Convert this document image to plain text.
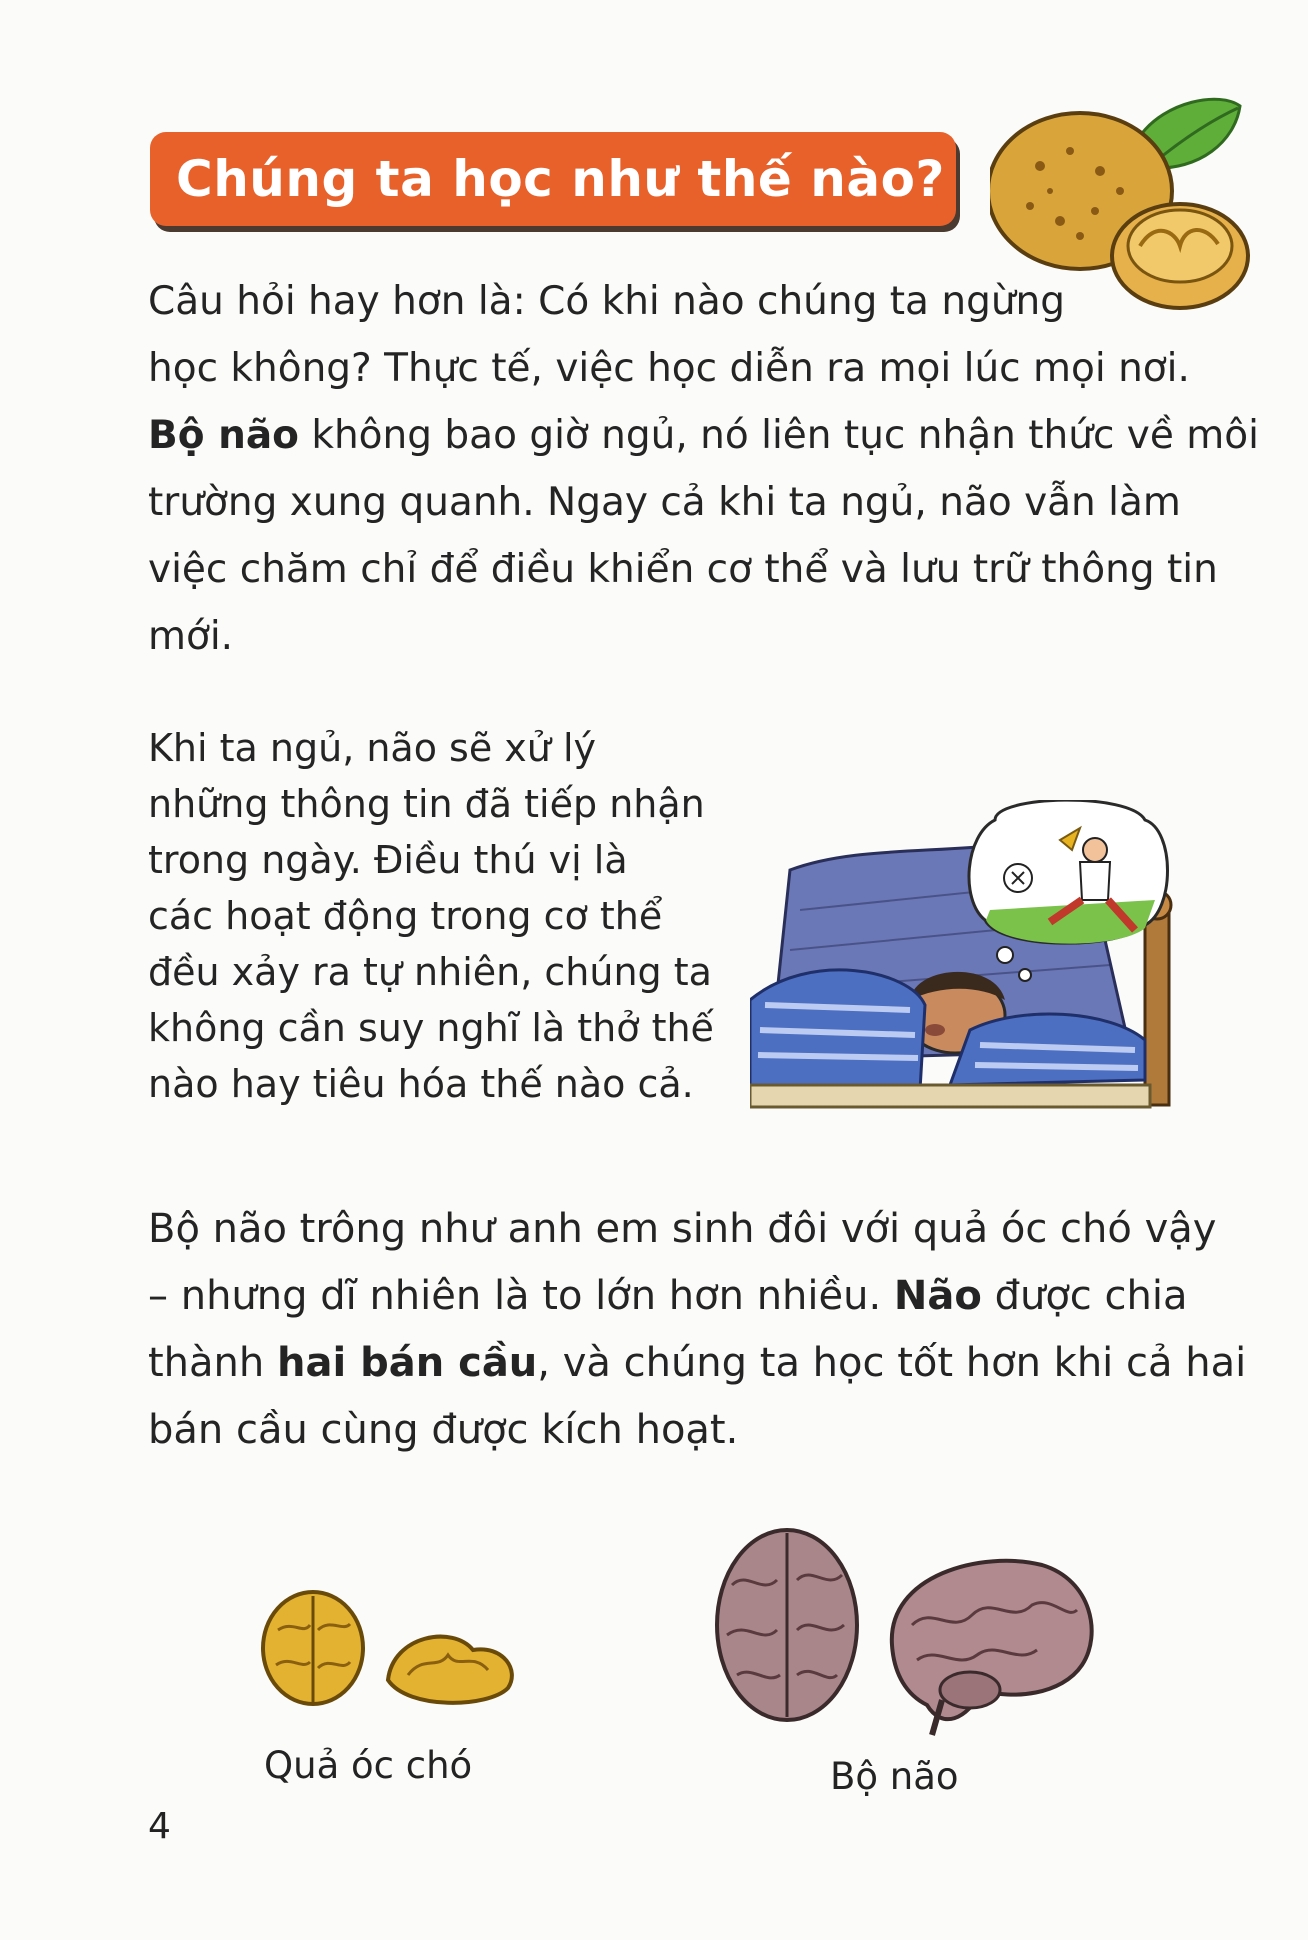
Chúng ta học như thế nào?
Câu hỏi hay hơn là: Có khi nào chúng ta ngừng
học không? Thực tế, việc học diễn ra mọi lúc mọi nơi.
Bộ não không bao giờ ngủ, nó liên tục nhận thức về môi
trường xung quanh. Ngay cả khi ta ngủ, não vẫn làm
việc chăm chỉ để điều khiển cơ thể và lưu trữ thông tin
mới.
Khi ta ngủ, não sẽ xử lý
những thông tin đã tiếp nhận
trong ngày. Điều thú vị là
các hoạt động trong cơ thể
đều xảy ra tự nhiên, chúng ta
không cần suy nghĩ là thở thế
nào hay tiêu hóa thế nào cả.
Bộ não trông như anh em sinh đôi với quả óc chó vậy
– nhưng dĩ nhiên là to lớn hơn nhiều. Não được chia
thành hai bán cầu, và chúng ta học tốt hơn khi cả hai
bán cầu cùng được kích hoạt.
Quả óc chó	Bộ não
4
